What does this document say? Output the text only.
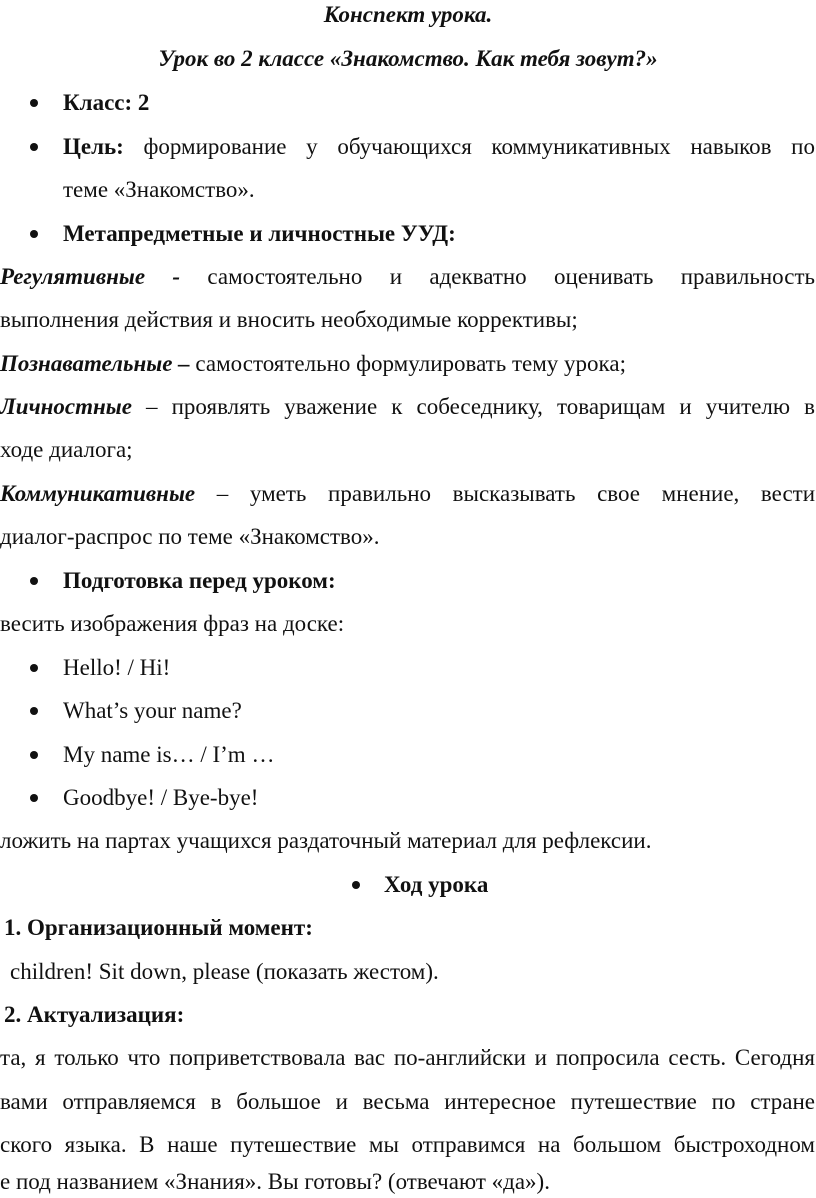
Конспект урока.
Урок во 2 классе «Знакомство. Как тебя зовут?»
Класс: 2
Цель: формирование у обучающихся коммуникативных навыков по
теме «Знакомство».
Метапредметные и личностные УУД:
Регулятивные - самостоятельно и адекватно оценивать правильность
выполнения действия и вносить необходимые коррективы;
Познавательные – самостоятельно формулировать тему урока;
Личностные – проявлять уважение к собеседнику, товарищам и учителю в
ходе диалога;
Коммуникативные – уметь правильно высказывать свое мнение, вести
диалог-распрос по теме «Знакомство».
Подготовка перед уроком:
весить изображения фраз на доске:
Hello! / Hi!
What’s your name?
My name is… / I’m …
Goodbye! / Bye-bye!
ложить на партах учащихся раздаточный материал для рефлексии.
Ход урока
1. Организационный момент:
children! Sit down, please (показать жестом).
2. Актуализация:
та, я только что поприветствовала вас по-английски и попросила сесть. Сегодня
вами отправляемся в большое и весьма интересное путешествие по стране
ского языка. В наше путешествие мы отправимся на большом быстроходном
е под названием «Знания». Вы готовы? (отвечают «да»).
